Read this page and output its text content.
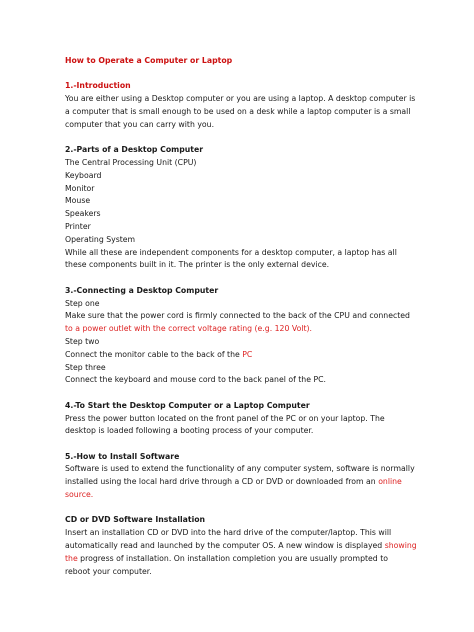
How to Operate a Computer or Laptop
1.-Introduction
You are either using a Desktop computer or you are using a laptop. A desktop computer is
a computer that is small enough to be used on a desk while a laptop computer is a small
computer that you can carry with you.
2.-Parts of a Desktop Computer
The Central Processing Unit (CPU)
Keyboard
Monitor
Mouse
Speakers
Printer
Operating System
While all these are independent components for a desktop computer, a laptop has all
these components built in it. The printer is the only external device.
3.-Connecting a Desktop Computer
Step one
Make sure that the power cord is firmly connected to the back of the CPU and connected
to a power outlet with the correct voltage rating (e.g. 120 Volt).
Step two
Connect the monitor cable to the back of the PC
Step three
Connect the keyboard and mouse cord to the back panel of the PC.
4.-To Start the Desktop Computer or a Laptop Computer
Press the power button located on the front panel of the PC or on your laptop. The
desktop is loaded following a booting process of your computer.
5.-How to Install Software
Software is used to extend the functionality of any computer system, software is normally
installed using the local hard drive through a CD or DVD or downloaded from an online
source.
CD or DVD Software Installation
Insert an installation CD or DVD into the hard drive of the computer/laptop. This will
automatically read and launched by the computer OS. A new window is displayed showing
the progress of installation. On installation completion you are usually prompted to
reboot your computer.
